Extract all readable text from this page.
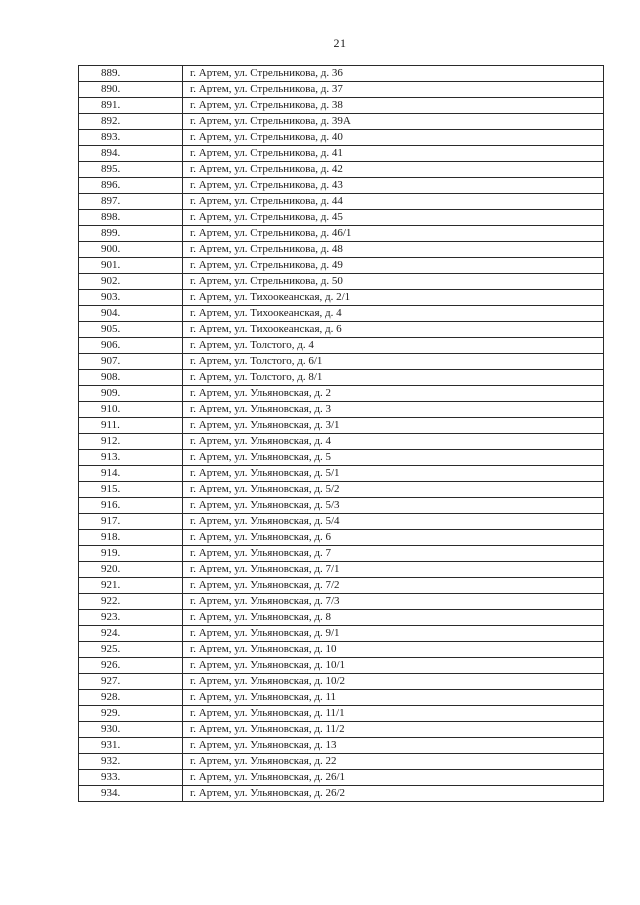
21
889.	г. Артем, ул. Стрельникова, д. 36
890.	г. Артем, ул. Стрельникова, д. 37
891.	г. Артем, ул. Стрельникова, д. 38
892.	г. Артем, ул. Стрельникова, д. 39А
893.	г. Артем, ул. Стрельникова, д. 40
894.	г. Артем, ул. Стрельникова, д. 41
895.	г. Артем, ул. Стрельникова, д. 42
896.	г. Артем, ул. Стрельникова, д. 43
897.	г. Артем, ул. Стрельникова, д. 44
898.	г. Артем, ул. Стрельникова, д. 45
899.	г. Артем, ул. Стрельникова, д. 46/1
900.	г. Артем, ул. Стрельникова, д. 48
901.	г. Артем, ул. Стрельникова, д. 49
902.	г. Артем, ул. Стрельникова, д. 50
903.	г. Артем, ул. Тихоокеанская, д. 2/1
904.	г. Артем, ул. Тихоокеанская, д. 4
905.	г. Артем, ул. Тихоокеанская, д. 6
906.	г. Артем, ул. Толстого, д. 4
907.	г. Артем, ул. Толстого, д. 6/1
908.	г. Артем, ул. Толстого, д. 8/1
909.	г. Артем, ул. Ульяновская, д. 2
910.	г. Артем, ул. Ульяновская, д. 3
911.	г. Артем, ул. Ульяновская, д. 3/1
912.	г. Артем, ул. Ульяновская, д. 4
913.	г. Артем, ул. Ульяновская, д. 5
914.	г. Артем, ул. Ульяновская, д. 5/1
915.	г. Артем, ул. Ульяновская, д. 5/2
916.	г. Артем, ул. Ульяновская, д. 5/3
917.	г. Артем, ул. Ульяновская, д. 5/4
918.	г. Артем, ул. Ульяновская, д. 6
919.	г. Артем, ул. Ульяновская, д. 7
920.	г. Артем, ул. Ульяновская, д. 7/1
921.	г. Артем, ул. Ульяновская, д. 7/2
922.	г. Артем, ул. Ульяновская, д. 7/3
923.	г. Артем, ул. Ульяновская, д. 8
924.	г. Артем, ул. Ульяновская, д. 9/1
925.	г. Артем, ул. Ульяновская, д. 10
926.	г. Артем, ул. Ульяновская, д. 10/1
927.	г. Артем, ул. Ульяновская, д. 10/2
928.	г. Артем, ул. Ульяновская, д. 11
929.	г. Артем, ул. Ульяновская, д. 11/1
930.	г. Артем, ул. Ульяновская, д. 11/2
931.	г. Артем, ул. Ульяновская, д. 13
932.	г. Артем, ул. Ульяновская, д. 22
933.	г. Артем, ул. Ульяновская, д. 26/1
934.	г. Артем, ул. Ульяновская, д. 26/2
